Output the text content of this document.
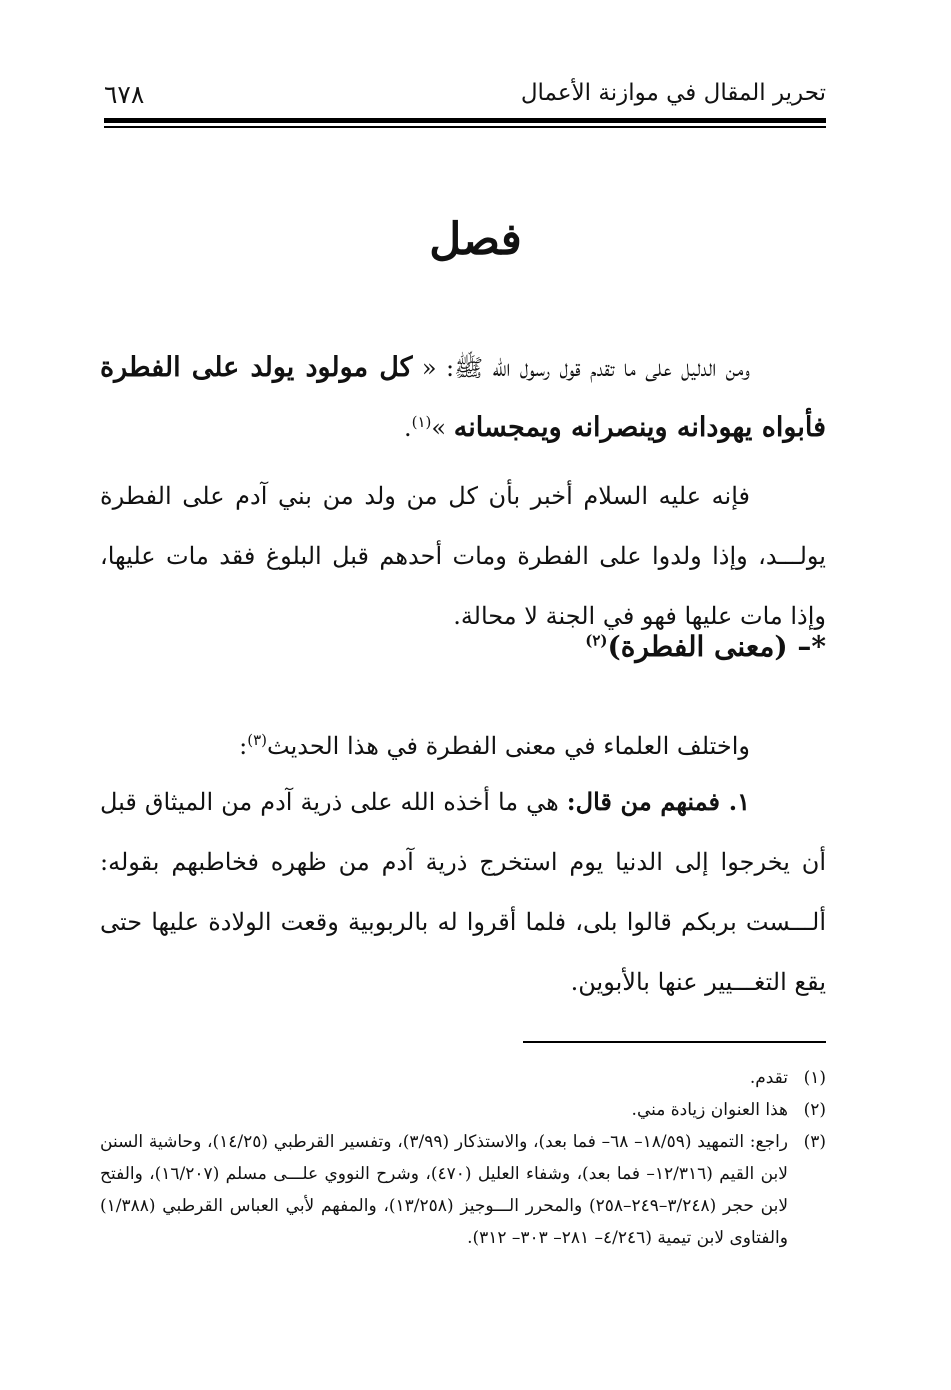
تحرير المقال في موازنة الأعمال
٦٧٨
فصل
ومن الدليل على ما تقدم قول رسول الله ﷺ: « كل مولود يولد على الفطرة فأبواه يهودانه وينصرانه ويمجسانه »$^{(١)}$.
فإنه عليه السلام أخبر بأن كل من ولد من بني آدم على الفطرة يولـــد، وإذا ولدوا على الفطرة ومات أحدهم قبل البلوغ فقد مات عليها، وإذا مات عليها فهو في الجنة لا محالة.
*– (معنى الفطرة)$^{(٢)}$
واختلف العلماء في معنى الفطرة في هذا الحديث$^{(٣)}$:
١. فمنهم من قال: هي ما أخذه الله على ذرية آدم من الميثاق قبل أن يخرجوا إلى الدنيا يوم استخرج ذرية آدم من ظهره فخاطبهم بقوله: ألـــست بربكم قالوا بلى، فلما أقروا له بالربوبية وقعت الولادة عليها حتى يقع التغـــيير عنها بالأبوين.
(١)
تقدم.
(٢)
هذا العنوان زيادة مني.
(٣)
راجع: التمهيد (١٨/٥٩– ٦٨– فما بعد)، والاستذكار (٣/٩٩)، وتفسير القرطبي (١٤/٢٥)، وحاشية السنن لابن القيم (١٢/٣١٦– فما بعد)، وشفاء العليل (٤٧٠)، وشرح النووي علـــى مسلم (١٦/٢٠٧)، والفتح لابن حجر (٣/٢٤٨–٢٤٩–٢٥٨) والمحرر الـــوجيز (١٣/٢٥٨)، والمفهم لأبي العباس القرطبي (١/٣٨٨) والفتاوى لابن تيمية (٤/٢٤٦– ٢٨١– ٣٠٣– ٣١٢).
